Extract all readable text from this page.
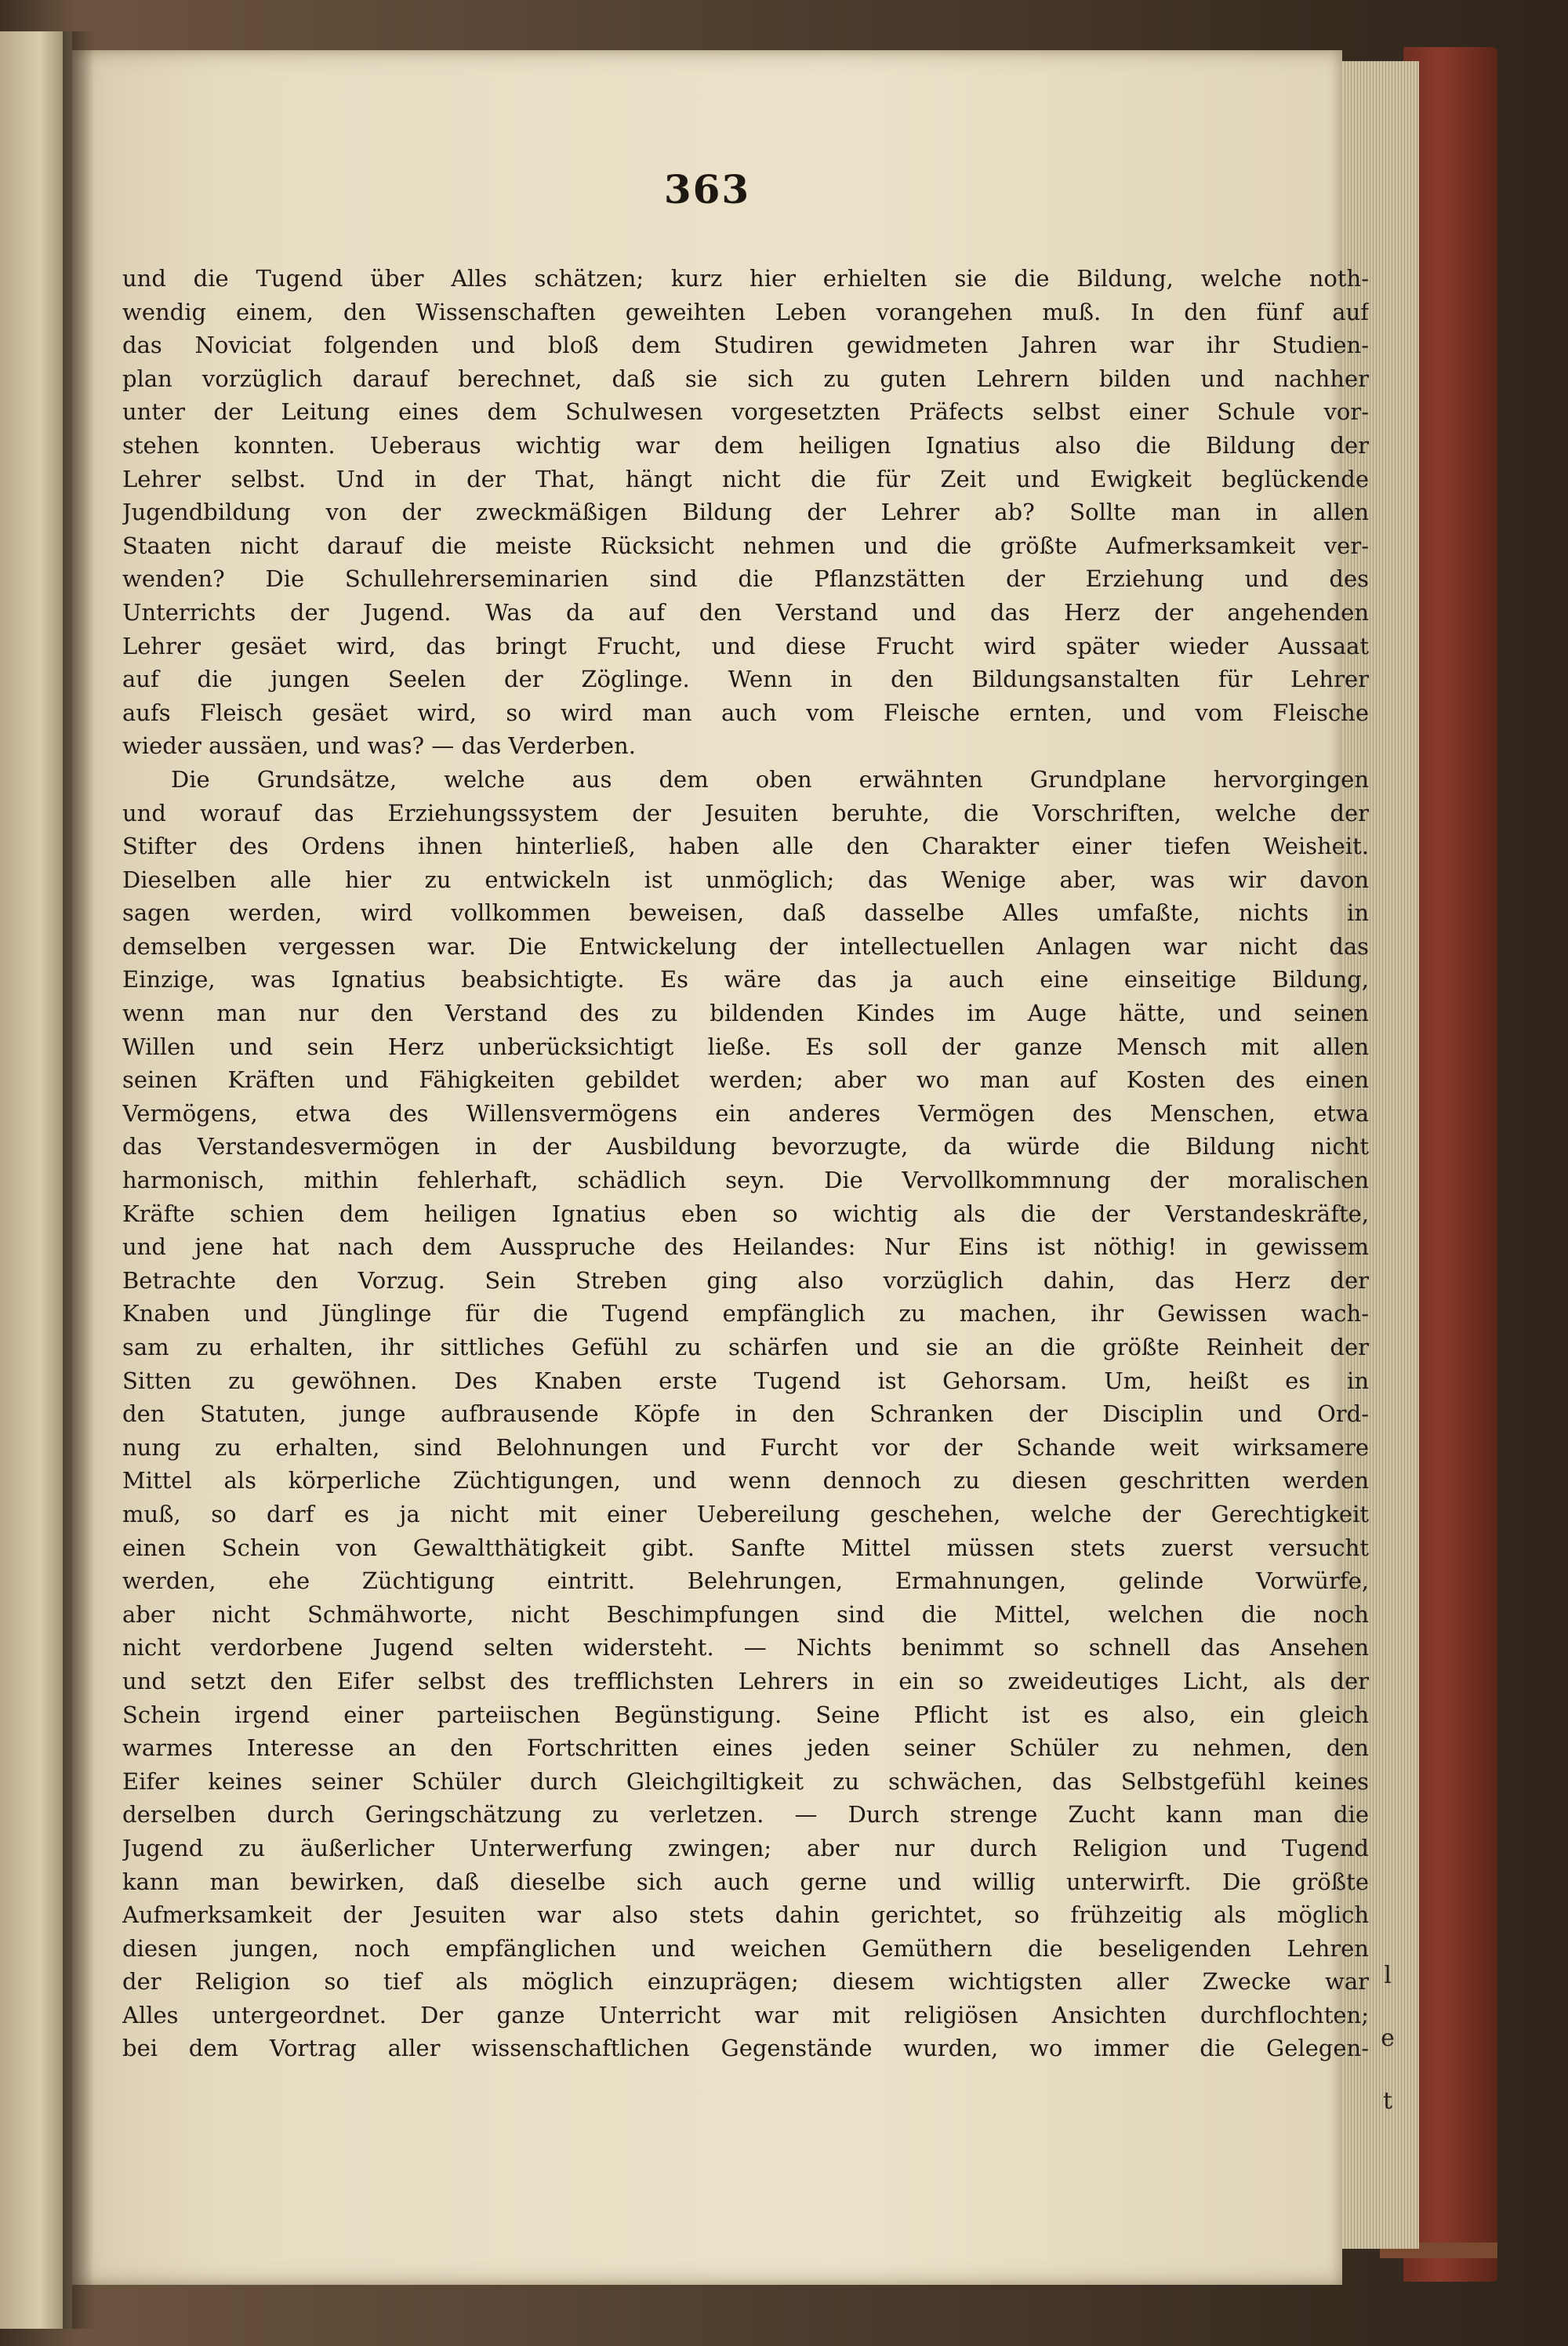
l
e
t
363
und die Tugend über Alles schätzen; kurz hier erhielten sie die Bildung, welche noth-
wendig einem, den Wissenschaften geweihten Leben vorangehen muß. In den fünf auf
das Noviciat folgenden und bloß dem Studiren gewidmeten Jahren war ihr Studien-
plan vorzüglich darauf berechnet, daß sie sich zu guten Lehrern bilden und nachher
unter der Leitung eines dem Schulwesen vorgesetzten Präfects selbst einer Schule vor-
stehen konnten. Ueberaus wichtig war dem heiligen Ignatius also die Bildung der
Lehrer selbst. Und in der That, hängt nicht die für Zeit und Ewigkeit beglückende
Jugendbildung von der zweckmäßigen Bildung der Lehrer ab? Sollte man in allen
Staaten nicht darauf die meiste Rücksicht nehmen und die größte Aufmerksamkeit ver-
wenden? Die Schullehrerseminarien sind die Pflanzstätten der Erziehung und des
Unterrichts der Jugend. Was da auf den Verstand und das Herz der angehenden
Lehrer gesäet wird, das bringt Frucht, und diese Frucht wird später wieder Aussaat
auf die jungen Seelen der Zöglinge. Wenn in den Bildungsanstalten für Lehrer
aufs Fleisch gesäet wird, so wird man auch vom Fleische ernten, und vom Fleische
wieder aussäen, und was? — das Verderben.
Die Grundsätze, welche aus dem oben erwähnten Grundplane hervorgingen
und worauf das Erziehungssystem der Jesuiten beruhte, die Vorschriften, welche der
Stifter des Ordens ihnen hinterließ, haben alle den Charakter einer tiefen Weisheit.
Dieselben alle hier zu entwickeln ist unmöglich; das Wenige aber, was wir davon
sagen werden, wird vollkommen beweisen, daß dasselbe Alles umfaßte, nichts in
demselben vergessen war. Die Entwickelung der intellectuellen Anlagen war nicht das
Einzige, was Ignatius beabsichtigte. Es wäre das ja auch eine einseitige Bildung,
wenn man nur den Verstand des zu bildenden Kindes im Auge hätte, und seinen
Willen und sein Herz unberücksichtigt ließe. Es soll der ganze Mensch mit allen
seinen Kräften und Fähigkeiten gebildet werden; aber wo man auf Kosten des einen
Vermögens, etwa des Willensvermögens ein anderes Vermögen des Menschen, etwa
das Verstandesvermögen in der Ausbildung bevorzugte, da würde die Bildung nicht
harmonisch, mithin fehlerhaft, schädlich seyn. Die Vervollkommnung der moralischen
Kräfte schien dem heiligen Ignatius eben so wichtig als die der Verstandeskräfte,
und jene hat nach dem Ausspruche des Heilandes: Nur Eins ist nöthig! in gewissem
Betrachte den Vorzug. Sein Streben ging also vorzüglich dahin, das Herz der
Knaben und Jünglinge für die Tugend empfänglich zu machen, ihr Gewissen wach-
sam zu erhalten, ihr sittliches Gefühl zu schärfen und sie an die größte Reinheit der
Sitten zu gewöhnen. Des Knaben erste Tugend ist Gehorsam. Um, heißt es in
den Statuten, junge aufbrausende Köpfe in den Schranken der Disciplin und Ord-
nung zu erhalten, sind Belohnungen und Furcht vor der Schande weit wirksamere
Mittel als körperliche Züchtigungen, und wenn dennoch zu diesen geschritten werden
muß, so darf es ja nicht mit einer Uebereilung geschehen, welche der Gerechtigkeit
einen Schein von Gewaltthätigkeit gibt. Sanfte Mittel müssen stets zuerst versucht
werden, ehe Züchtigung eintritt. Belehrungen, Ermahnungen, gelinde Vorwürfe,
aber nicht Schmähworte, nicht Beschimpfungen sind die Mittel, welchen die noch
nicht verdorbene Jugend selten widersteht. — Nichts benimmt so schnell das Ansehen
und setzt den Eifer selbst des trefflichsten Lehrers in ein so zweideutiges Licht, als der
Schein irgend einer parteiischen Begünstigung. Seine Pflicht ist es also, ein gleich
warmes Interesse an den Fortschritten eines jeden seiner Schüler zu nehmen, den
Eifer keines seiner Schüler durch Gleichgiltigkeit zu schwächen, das Selbstgefühl keines
derselben durch Geringschätzung zu verletzen. — Durch strenge Zucht kann man die
Jugend zu äußerlicher Unterwerfung zwingen; aber nur durch Religion und Tugend
kann man bewirken, daß dieselbe sich auch gerne und willig unterwirft. Die größte
Aufmerksamkeit der Jesuiten war also stets dahin gerichtet, so frühzeitig als möglich
diesen jungen, noch empfänglichen und weichen Gemüthern die beseligenden Lehren
der Religion so tief als möglich einzuprägen; diesem wichtigsten aller Zwecke war
Alles untergeordnet. Der ganze Unterricht war mit religiösen Ansichten durchflochten;
bei dem Vortrag aller wissenschaftlichen Gegenstände wurden, wo immer die Gelegen-
